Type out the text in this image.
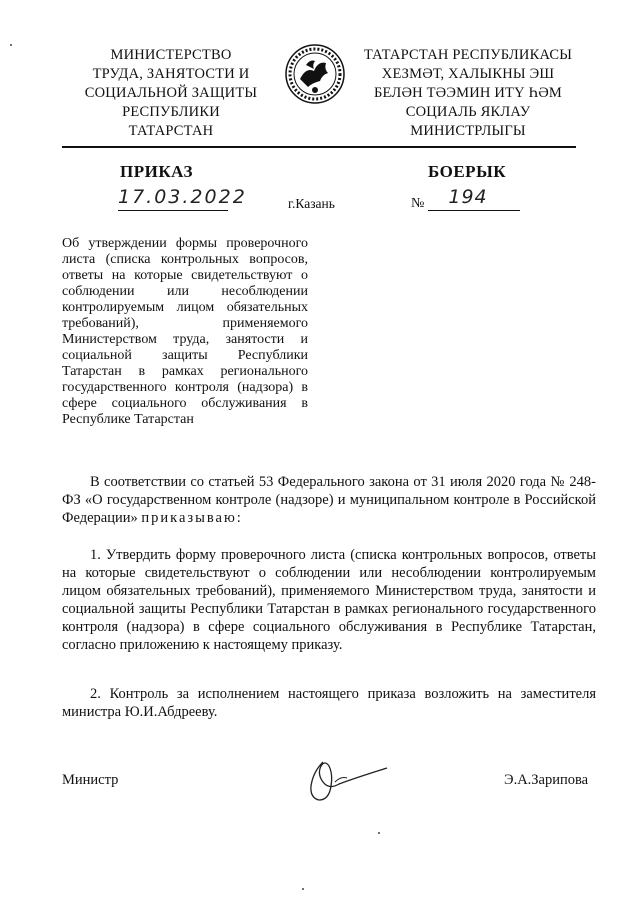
МИНИСТЕРСТВО
ТРУДА, ЗАНЯТОСТИ И
СОЦИАЛЬНОЙ ЗАЩИТЫ
РЕСПУБЛИКИ
ТАТАРСТАН
ТАТАРСТАН РЕСПУБЛИКАСЫ
ХЕЗМӘТ, ХАЛЫКНЫ ЭШ
БЕЛӘН ТӘЭМИН ИТҮ ҺӘМ
СОЦИАЛЬ ЯКЛАУ
МИНИСТРЛЫГЫ
ПРИКАЗ	БОЕРЫК
17.03.2022	г.Казань	№	194
Об утверждении формы проверочного листа (списка контрольных вопросов, ответы на которые свидетельствуют о соблюдении или несоблюдении контролируемым лицом обязательных требований), применяемого Министерством труда, занятости и социальной защиты Республики Татарстан в рамках регионального государственного контроля (надзора) в сфере социального обслуживания в Республике Татарстан
В соответствии со статьей 53 Федерального закона от 31 июля 2020 года № 248-ФЗ «О государственном контроле (надзоре) и муниципальном контроле в Российской Федерации» приказываю:
1. Утвердить форму проверочного листа (списка контрольных вопросов, ответы на которые свидетельствуют о соблюдении или несоблюдении контролируемым лицом обязательных требований), применяемого Министерством труда, занятости и социальной защиты Республики Татарстан в рамках регионального государственного контроля (надзора) в сфере социального обслуживания в Республике Татарстан, согласно приложению к настоящему приказу.
2. Контроль за исполнением настоящего приказа возложить на заместителя министра Ю.И.Абдрееву.
Министр	Э.А.Зарипова
